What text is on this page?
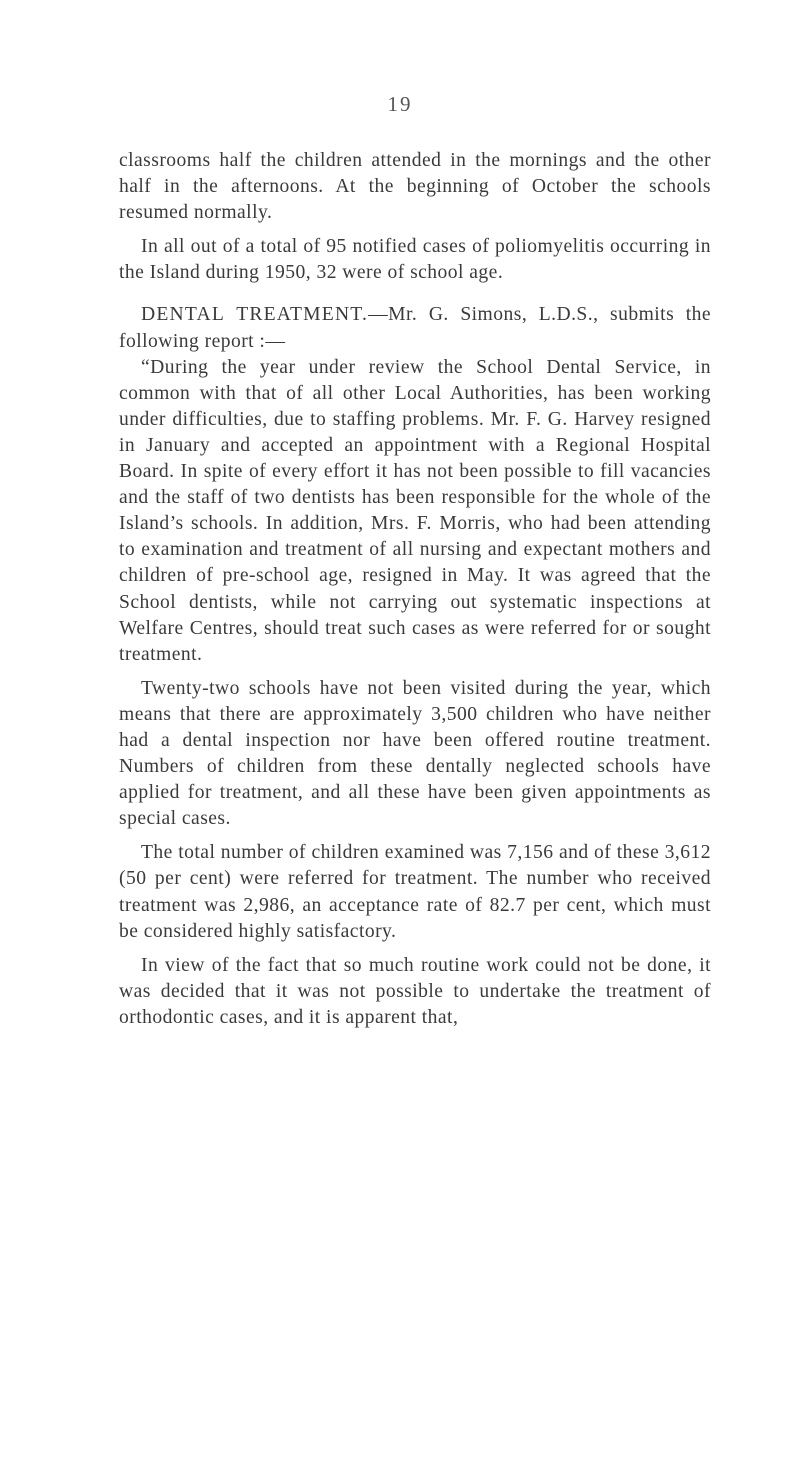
19

classrooms half the children attended in the mornings and the other half in the afternoons. At the beginning of October the schools resumed normally.

In all out of a total of 95 notified cases of poliomyelitis occurring in the Island during 1950, 32 were of school age.

DENTAL TREATMENT.—Mr. G. Simons, L.D.S., submits the following report :—

“During the year under review the School Dental Service, in common with that of all other Local Authorities, has been working under difficulties, due to staffing problems. Mr. F. G. Harvey resigned in January and accepted an appointment with a Regional Hospital Board. In spite of every effort it has not been possible to fill vacancies and the staff of two dentists has been responsible for the whole of the Island’s schools. In addition, Mrs. F. Morris, who had been attending to examination and treatment of all nursing and expectant mothers and children of pre-school age, resigned in May. It was agreed that the School dentists, while not carrying out systematic inspections at Welfare Centres, should treat such cases as were referred for or sought treatment.

Twenty-two schools have not been visited during the year, which means that there are approximately 3,500 children who have neither had a dental inspection nor have been offered routine treatment. Numbers of children from these dentally neglected schools have applied for treatment, and all these have been given appointments as special cases.

The total number of children examined was 7,156 and of these 3,612 (50 per cent) were referred for treatment. The number who received treatment was 2,986, an acceptance rate of 82.7 per cent, which must be considered highly satisfactory.

In view of the fact that so much routine work could not be done, it was decided that it was not possible to undertake the treatment of orthodontic cases, and it is apparent that,
